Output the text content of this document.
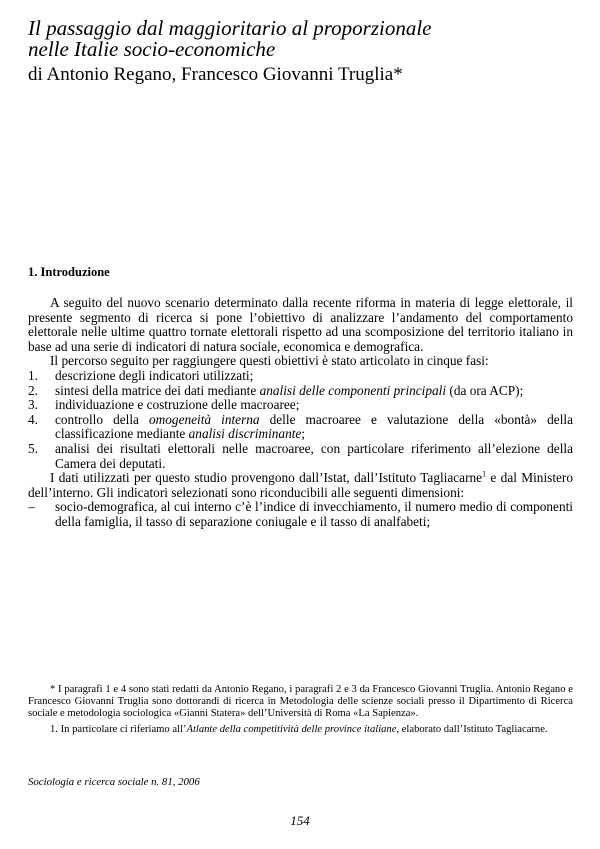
Il passaggio dal maggioritario al proporzionale
nelle Italie socio-economiche
di Antonio Regano, Francesco Giovanni Truglia*
1. Introduzione

A seguito del nuovo scenario determinato dalla recente riforma in materia di legge elettorale, il presente segmento di ricerca si pone l’obiettivo di analizzare l’andamento del comportamento elettorale nelle ultime quattro tornate elettorali rispetto ad una scomposizione del territorio italiano in base ad una serie di indicatori di natura sociale, economica e demografica.

Il percorso seguito per raggiungere questi obiettivi è stato articolato in cinque fasi:

1.	descrizione degli indicatori utilizzati;
2.	sintesi della matrice dei dati mediante analisi delle componenti principali (da ora ACP);
3.	individuazione e costruzione delle macroaree;
4.	controllo della omogeneità interna delle macroaree e valutazione della «bontà» della classificazione mediante analisi discriminante;
5.	analisi dei risultati elettorali nelle macroaree, con particolare riferimento all’elezione della Camera dei deputati.

I dati utilizzati per questo studio provengono dall’Istat, dall’Istituto Tagliacarne$^1$ e dal Ministero dell’interno. Gli indicatori selezionati sono riconducibili alle seguenti dimensioni:

–	socio-demografica, al cui interno c’è l’indice di invecchiamento, il numero medio di componenti della famiglia, il tasso di separazione coniugale e il tasso di analfabeti;

* I paragrafi 1 e 4 sono stati redatti da Antonio Regano, i paragrafi 2 e 3 da Francesco Giovanni Truglia. Antonio Regano e Francesco Giovanni Truglia sono dottorandi di ricerca in Metodologia delle scienze sociali presso il Dipartimento di Ricerca sociale e metodologia sociologica «Gianni Statera» dell’Università di Roma «La Sapienza».

1. In particolare ci riferiamo all’Atlante della competitività delle province italiane, elaborato dall’Istituto Tagliacarne.

Sociologia e ricerca sociale n. 81, 2006
154
